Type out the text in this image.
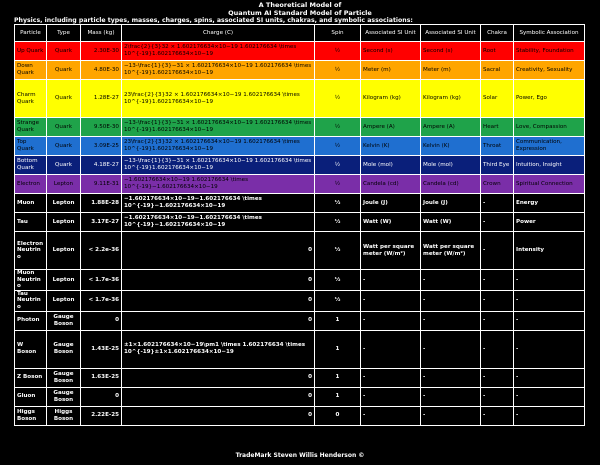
A Theoretical Model of
Quantum AI Standard Model of Particle
Physics, including particle types, masses, charges, spins, associated SI units, chakras, and symbolic associations:
Particle	Type	Mass (kg)	Charge (C)	Spin	Associated SI Unit	Associated SI Unit	Chakra	Symbolic Association
Up Quark	Quark	2.30E-30	2\frac{2}{3}32 × 1.602176634×10−19 1.602176634 \times 10^{-19}1.602176634×10−19	½	Second (s)	Second (s)	Root	Stability, Foundation
Down Quark	Quark	4.80E-30	−13-\frac{1}{3}−31 × 1.602176634×10−19 1.602176634 \times 10^{-19}1.602176634×10−19	½	Meter (m)	Meter (m)	Sacral	Creativity, Sexuality
Charm Quark	Quark	1.28E-27	23\frac{2}{3}32 × 1.602176634×10−19 1.602176634 \times 10^{-19}1.602176634×10−19	½	Kilogram (kg)	Kilogram (kg)	Solar	Power, Ego
Strange Quark	Quark	9.50E-30	−13-\frac{1}{3}−31 × 1.602176634×10−19 1.602176634 \times 10^{-19}1.602176634×10−19	½	Ampere (A)	Ampere (A)	Heart	Love, Compassion
Top Quark	Quark	3.09E-25	23\frac{2}{3}32 × 1.602176634×10−19 1.602176634 \times 10^{-19}1.602176634×10−19	½	Kelvin (K)	Kelvin (K)	Throat	Communication, Expression
Bottom Quark	Quark	4.18E-27	−13-\frac{1}{3}−31 × 1.602176634×10−19 1.602176634 \times 10^{-19}1.602176634×10−19	½	Mole (mol)	Mole (mol)	Third Eye	Intuition, Insight
Electron	Lepton	9.11E-31	−1.602176634×10−19 1.602176634 \times 10^{-19}−1.602176634×10−19	½	Candela (cd)	Candela (cd)	Crown	Spiritual Connection
Muon	Lepton	1.88E-28	−1.602176634×10−19−1.602176634 \times 10^{-19}−1.602176634×10−19	½	Joule (J)	Joule (J)	-	Energy
Tau	Lepton	3.17E-27	−1.602176634×10−19−1.602176634 \times 10^{-19}−1.602176634×10−19	½	Watt (W)	Watt (W)	-	Power
Electron Neutrino	Lepton	< 2.2e-36	0	½	Watt per square meter (W/m²)	Watt per square meter (W/m²)	-	Intensity
Muon Neutrino	Lepton	< 1.7e-36	0	½	-	-	-	-
Tau Neutrino	Lepton	< 1.7e-36	0	½	-	-	-	-
Photon	Gauge Boson	0	0	1	-	-	-	-
W Boson	Gauge Boson	1.43E-25	±1×1.602176634×10−19\pm1 \times 1.602176634 \times 10^{-19}±1×1.602176634×10−19	1	-	-	-	-
Z Boson	Gauge Boson	1.63E-25	0	1	-	-	-	-
Gluon	Gauge Boson	0	0	1	-	-	-	-
Higgs Boson	Higgs Boson	2.22E-25	0	0	-	-	-	-
TradeMark Steven Willis Henderson ©
